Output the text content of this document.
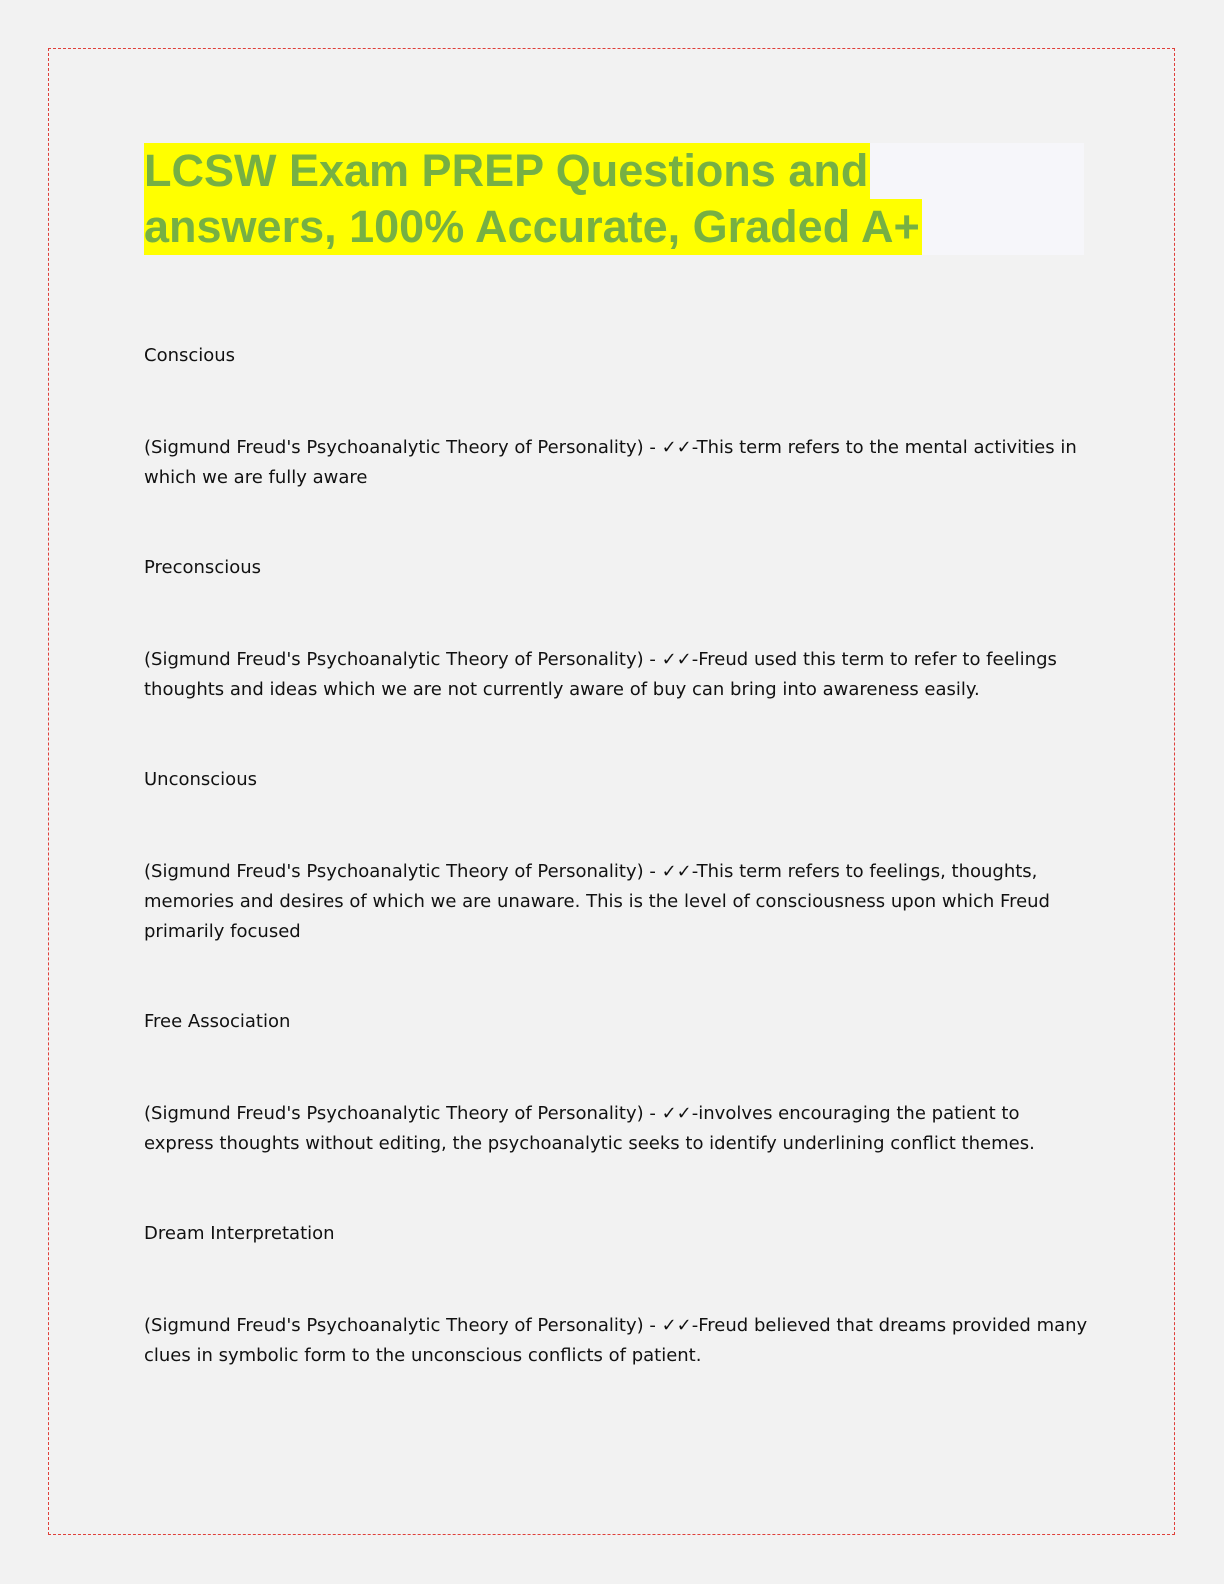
LCSW Exam PREP Questions and
answers, 100% Accurate, Graded A+

Conscious

(Sigmund Freud's Psychoanalytic Theory of Personality) - ✓✓-This term refers to the mental activities in which we are fully aware

Preconscious

(Sigmund Freud's Psychoanalytic Theory of Personality) - ✓✓-Freud used this term to refer to feelings thoughts and ideas which we are not currently aware of buy can bring into awareness easily.

Unconscious

(Sigmund Freud's Psychoanalytic Theory of Personality) - ✓✓-This term refers to feelings, thoughts, memories and desires of which we are unaware. This is the level of consciousness upon which Freud primarily focused

Free Association

(Sigmund Freud's Psychoanalytic Theory of Personality) - ✓✓-involves encouraging the patient to express thoughts without editing, the psychoanalytic seeks to identify underlining conflict themes.

Dream Interpretation

(Sigmund Freud's Psychoanalytic Theory of Personality) - ✓✓-Freud believed that dreams provided many clues in symbolic form to the unconscious conflicts of patient.
